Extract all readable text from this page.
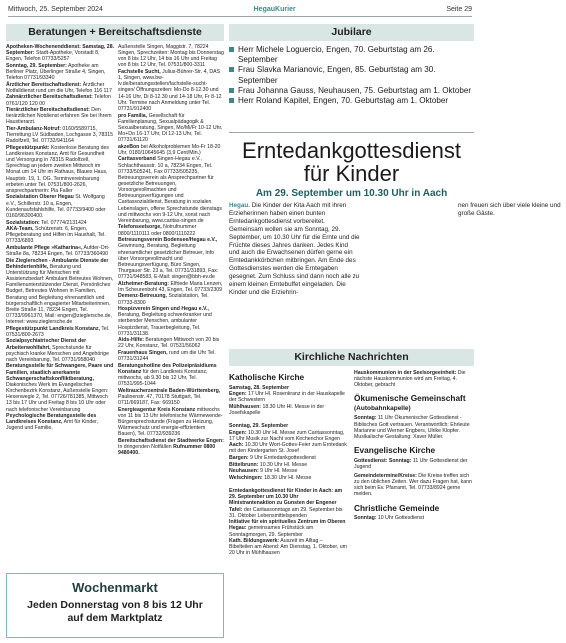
Mittwoch, 25. September 2024	HegauKurier	Seite 29
Beratungen + Bereitschaftsdienste

Apotheken-Wochenenddienst: Samstag, 28. September: Stadt-Apotheke, Vorstadt 8, Engen, Telefon 07733/5257

Sonntag, 29. September: Apotheke am Berliner Platz, Überlinger Straße 4, Singen, Telefon 07731/93340

Ärztlicher Bereitschaftsdienst: Ärztlicher Notfalldienst rund um die Uhr, Telefon 116 117

Zahnärztlicher Bereitschaftsdienst: Telefon 0761/120 120 00

Tierärztlicher Bereitschaftsdienst: Den tierärztlichen Notdienst erfahren Sie bei Ihrem Haustierarzt.

Tier-Ambulanz-Notruf: 0160/5589715, Tierrettung LV Südbaden, Lochgasse 3, 78315 Radolfzell, Tel. 07732/941164

Pflegestützpunkt: Kostenlose Beratung des Landkreises Konstanz, Amt für Gesundheit und Versorgung in 78315 Radolfzell, Sprechtag an jedem zweiten Mittwoch im Monat um 14 Uhr im Rathaus, Blaues Haus, Hauptstr. 19, 1. OG. Terminvereinbarung erbeten unter Tel. 07531/800-2626, ansprechpartnerin: Pia Faller

Sozialstation Oberer Hegau St. Wolfgang e.V., Schillerstr. 10 a, Engen, Kundenaufsfahlshilfe, Tel. 07733/9400 oder 0160/96300400.

Sozialstation: Tel. 07774/2131424

AKA-Team, Schützenstr. 6, Engen, Pflegeberatung und Hilfen im Haushalt, Tel. 07733/6893

Ambulante Pflege »Katharina«, Aufder-Ort-Straße 8a, 78234 Engen, Tel. 07733/360490

Die Zieglerschen - Ambulante Dienste der Behindertenhilfe, Beratung und Unterstützung für Menschen mit Assistenzbedarf: Ambulant Betreutes Wohnen, Familienunterstützender Dienst, Persönliches Budget, Betreutes Wohnen in Familien, Beratung und Begleitung ehrenamtlich und bürgerschaftlich engagierter Mitarbeiterinnen. Breite Straße 11, 78234 Engen, Tel. 07733/9961370, Mail: engen@zieglersche.de, Internet: www.zieglersche.de

Pflegestützpunkt Landkreis Konstanz, Tel. 07531/800-2673

Sozialpsychiatrischer Dienst der Arbeiterwohlfahrt, Sprechstunde für psychisch kranke Menschen und Angehörige nach Vereinbarung, Tel. 07731/958040

Beratungsstelle für Schwangere, Paare und Familien, staatlich anerkannte Schwangerschaftskonfliktberatung, Diakonisches Werk im Evangelischen Kirchenbezirk Konstanz, Außenstelle Engen: Hexenwegle 2, Tel. 07726/781385, Mittwoch 13 bis 17 Uhr und Freitag 8 bis 10 Uhr oder nach telefonischer Vereinbarung

Psychologische Beratungsstelle des Landkreises Konstanz, Amt für Kinder, Jugend und Familie,

Außenstelle Singen, Maggistr. 7, 78224 Singen, Sprechzeiten: Montag bis Donnerstag von 8 bis 12 Uhr, 14 bis 16 Uhr und Freitag von 8 bis 12 Uhr, Tel. 07531/800-3311

Fachstelle Sucht, Julius-Bührer-Str. 4, DAS 1, Singen, www.bw-lv.de/beratungsstellen/fachstelle-sucht-singen/ Öffnungszeiten: Mo-Do 8-12.30 und 14-16 Uhr, Di 8-12.30 und 14-18 Uhr, Fr 8-12 Uhr. Termine nach Anmeldung unter Tel. 07731/912400

pro Familia, Gesellschaft für Familienplanung, Sexualpädagogik & Sexualberatung, Singen, Mo/Mi/Fr 10-12 Uhr, Mo+Do 16-17 Uhr, Di 12-13 Uhr, Tel. 07731/61120

akzeBon bei Alkoholproblemen Mo-Fr 18-20 Uhr, 0180/10645645 (3,9 Cent/Min.)

Caritasverband Singen-Hegau e.V., Schlachthausstr. 10 a, 78234 Engen, Tel. 07733/505241, Fax 07733/505235, Betreuungsverein als Ansprechpartner für gesetzliche Betreuungen, Vorsorgevollmachten und Betreuungsverfügungen und Caritassozialdienst, Beratung in sozialen Lebenslagen, offene Sprechstunde dienstags und mittwochs von 9-12 Uhr, sonst nach Vereinbarung, www.caritas-singen.de

Telefonseelsorge, Notrufnummer 0800/1110111 oder 0800/1110222

Betreuungsverein Bodensee/Hegau e.V., Gewinnung, Beratung, Begleitung ehrenamtlicher gesetzlicher Betreuer, Info über Vorsorgevollmacht und Betreuungsverfügung, Büro Singen, Thurgauer Str. 23 a, Tel. 07731/31893, Fax: 07731/948583, E-Mail: singen@bbh-ev.de

Alzheimer-Beratung: Elfriede Maria Lenzen, Im Scheurenbohl 43, Engen, Tel. 07733/2309

Demenz-Betreuung, Sozialstation, Tel. 07733-8300

Hospizverein Singen und Hegau e.V., Beratung, Begleitung schwerkranker und sterbender Menschen, ambulanter Hospizdienst, Trauerbegleitung, Tel. 07731/31138.

Aids-Hilfe: Beratungen Mittwoch von 20 bis 22 Uhr, Konstanz, Tel. 07531/56062

Frauenhaus Singen, rund um die Uhr Tel. 07731/31244

Beratungshotline des Polizeipräsidiums Konstanz für den Landkreis Konstanz, mittwochs, ab 9.30 bis 12 Uhr, Tel. 07531/995-1044

Weltraucherzentrale Baden-Württemberg, Paulinenstr. 47, 70178 Stuttgart, Tel. 0711/669187, Fax: 669150

Energieagentur Kreis Konstanz mittwochs von 11 bis 13 Uhr telefonische Wärmewende-Bürgersprechstunde (Fragen zu Heizung, Wärmeschutz und energie-effizientem Bauen), Tel. 07732/939236

Bereitschaftsdienst der Stadtwerke Engen: In dringenden Notfällen Rufnummer 0800 9480400.

Wochenmarkt
Jeden Donnerstag von 8 bis 12 Uhr
auf dem Marktplatz
Jubilare
Herr Michele Loguercio, Engen, 70. Geburtstag am 26. September
Frau Slavka Marianovic, Engen, 85. Geburtstag am 30. September
Frau Johanna Gauss, Neuhausen, 75. Geburtstag am 1. Oktober
Herr Roland Kapitel, Engen, 70. Geburtstag am 1. Oktober
Erntedankgottesdienst
für Kinder
Am 29. September um 10.30 Uhr in Aach
Hegau. Die Kinder der Kita Aach mit ihren Erzieherinnen haben einen bunten Erntedankgottesdienst vorbereitet. Gemeinsam wollen sie am Sonntag, 29. September, um 10.30 Uhr für die Ernte und die Früchte dieses Jahres danken. Jedes Kind und auch die Erwachsenen dürfen gerne ein Erntedankkörbchen mitbringen. Am Ende des Gottesdienstes werden die Erntegaben gesegnet. Zum Schluss sind dann noch alle zu einem kleinen Erntebuffet eingeladen. Die Kinder und die Erziehrin-
nen freuen sich über viele kleine und große Gäste.
Kirchliche Nachrichten
Katholische Kirche

Samstag, 28. September

Engen: 17 Uhr Hl. Rosenkranz in der Hauskapelle der Schwestern

Mühlhausen: 18.30 Uhr Hl. Messe in der Josefskapelle

Sonntag, 29. September

Engen: 10.30 Uhr Hl. Messe zum Caritassonntag, 17 Uhr Musik zur Nacht vom Kirchenchor Engen

Aach: 10.30 Uhr Wort-Gottes-Feier zum Erntedank mit den Kindergarten St. Josef

Bargen: 9 Uhr Erntedankgottesdienst

Bittelbrunn: 10.30 Uhr Hl. Messe

Neuhausen: 9 Uhr Hl. Messe

Welschingen: 18.30 Uhr Hl. Messe

Erntedankgottesdienst für Kinder in Aach: am 29. September um 10.30 Uhr

Ministrantenaktion zu Gunsten der Engener Tafel: der Caritassonntags am 29. September bis 31. Oktober Lebensmittelspenden

Initiative für ein spirituelles Zentrum im Oberen Hegau: gemeinsames Frühstück am Sonntagmorgen, 29. September

Kath. Bildungswerk: Auszeit im Alltag – Bibelteilen am Abend: Am Dienstag, 1. Oktober, um 20 Uhr in Mühlhausen

Hauskommunion in der Seelsorgeeinheit: Die nächste Hauskommunion wird am Freitag, 4. Oktober, gebracht

Ökumenische Gemeinschaft
(Autobahnkapelle)

Sonntag: 11 Uhr Ökumenischer Gottesdienst - Biblisches Gott vertrauen. Verantwortlich: Ehrleute Marianne und Werner Engbers, Ulrike Klopfer. Musikalische Gestaltung: Xaver Müller.

Evangelische Kirche

Gottesdienst: Sonntag: 11 Uhr Gottesdienst der Jugend

Gemeindetermine/Kreise: Die Kreise treffen sich zu den üblichen Zeiten. Wer dazu Fragen hat, kann sich beim Ev. Pfarramt, Tel. 07733/8924 gerne melden.

Christliche Gemeinde

Sonntag: 10 Uhr Gottesdienst
